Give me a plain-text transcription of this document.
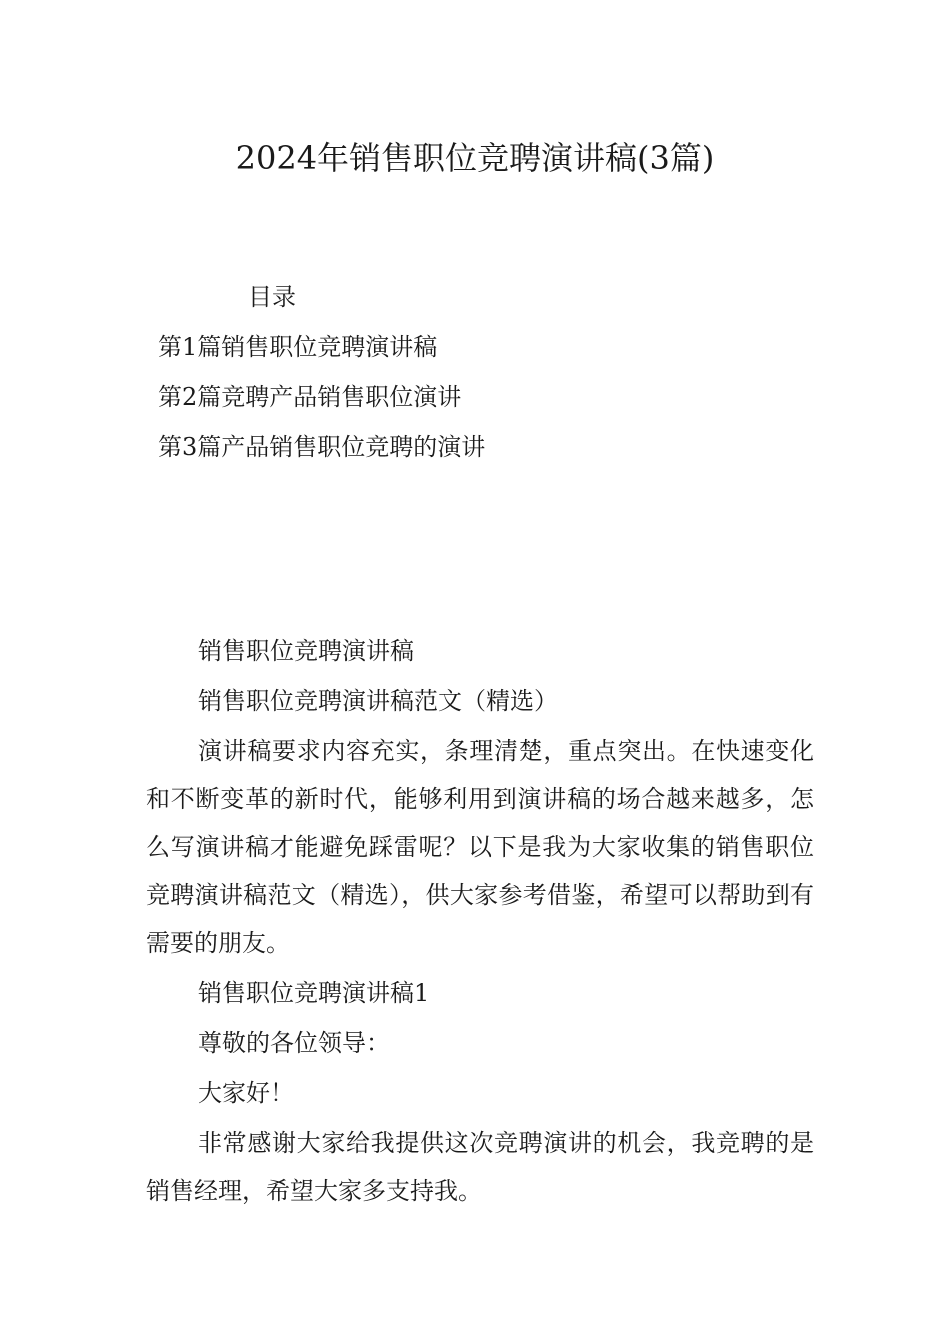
2024年销售职位竞聘演讲稿(3篇)
目录
第1篇销售职位竞聘演讲稿
第2篇竞聘产品销售职位演讲
第3篇产品销售职位竞聘的演讲

销售职位竞聘演讲稿

销售职位竞聘演讲稿范文（精选）

演讲稿要求内容充实，条理清楚，重点突出。在快速变化和不断变革的新时代，能够利用到演讲稿的场合越来越多，怎么写演讲稿才能避免踩雷呢？以下是我为大家收集的销售职位竞聘演讲稿范文（精选），供大家参考借鉴，希望可以帮助到有需要的朋友。

销售职位竞聘演讲稿1

尊敬的各位领导：

大家好！

非常感谢大家给我提供这次竞聘演讲的机会，我竞聘的是销售经理，希望大家多支持我。
